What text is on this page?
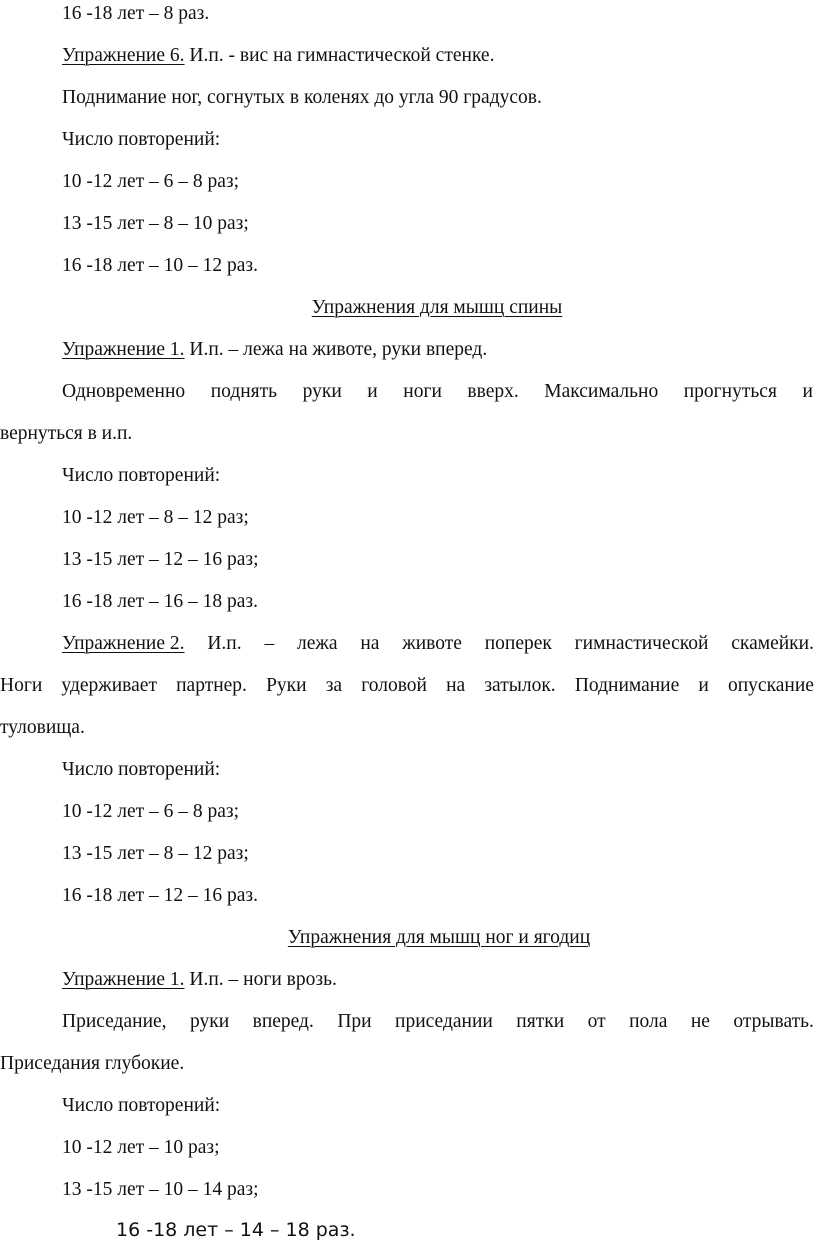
16 -18 лет – 8 раз.
Упражнение 6. И.п. - вис на гимнастической стенке.
Поднимание ног, согнутых в коленях до угла 90 градусов.
Число повторений:
10 -12 лет – 6 – 8 раз;
13 -15 лет – 8 – 10 раз;
16 -18 лет – 10 – 12 раз.
Упражнения для мышц спины
Упражнение 1. И.п. – лежа на животе, руки вперед.
Одновременно поднять руки и ноги вверх. Максимально прогнуться и
вернуться в и.п.
Число повторений:
10 -12 лет – 8 – 12 раз;
13 -15 лет – 12 – 16 раз;
16 -18 лет – 16 – 18 раз.
Упражнение 2. И.п. – лежа на животе поперек гимнастической скамейки.
Ноги удерживает партнер. Руки за головой на затылок. Поднимание и опускание
туловища.
Число повторений:
10 -12 лет – 6 – 8 раз;
13 -15 лет – 8 – 12 раз;
16 -18 лет – 12 – 16 раз.
Упражнения для мышц ног и ягодиц
Упражнение 1. И.п. – ноги врозь.
Приседание, руки вперед. При приседании пятки от пола не отрывать.
Приседания глубокие.
Число повторений:
10 -12 лет – 10 раз;
13 -15 лет – 10 – 14 раз;
16 -18 лет – 14 – 18 раз.
